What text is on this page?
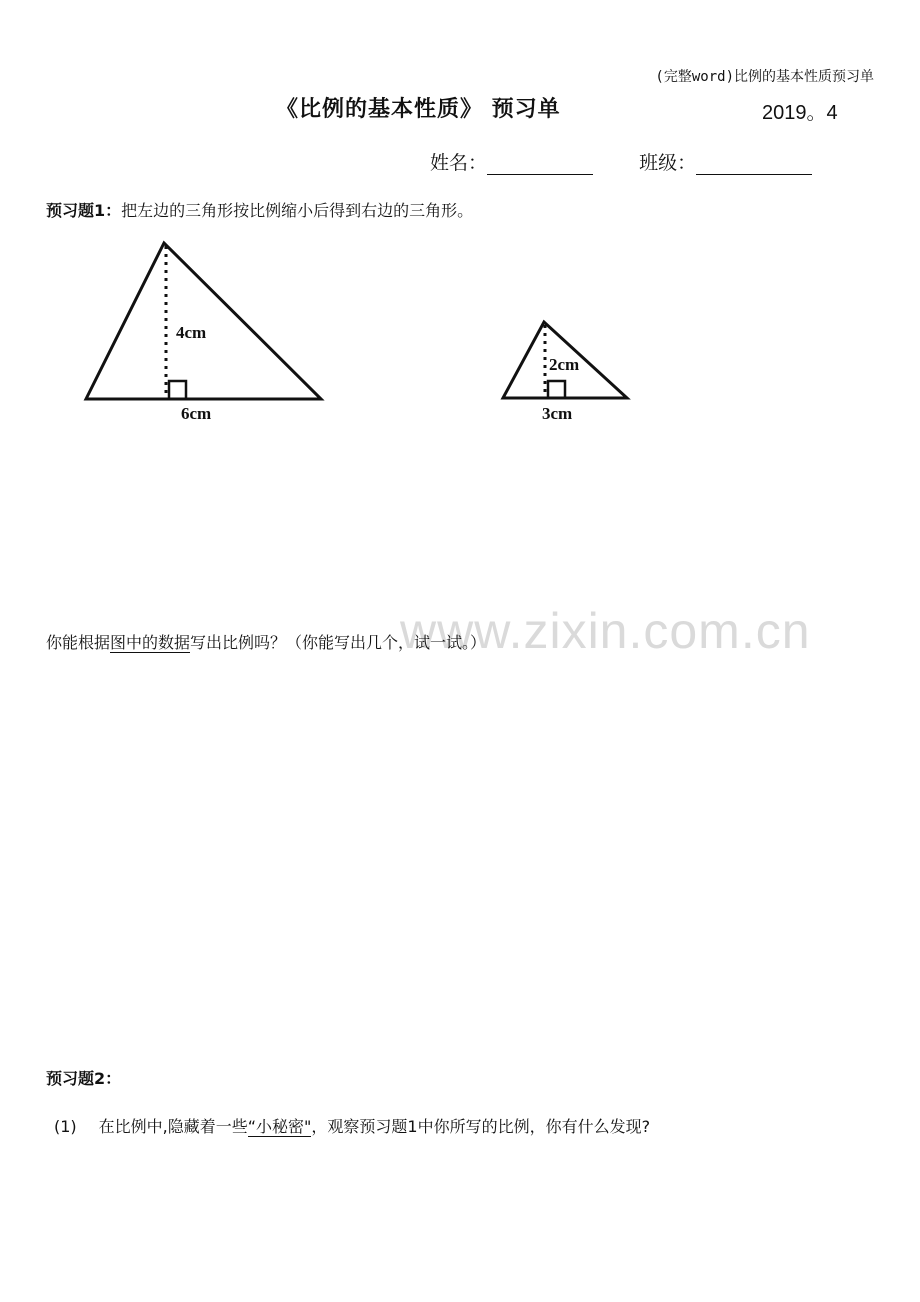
(完整word)比例的基本性质预习单
《比例的基本性质》 预习单	2019。4
姓名：	班级：
预习题1：把左边的三角形按比例缩小后得到右边的三角形。
4cm
6cm
2cm
3cm
www.zixin.com.cn
你能根据图中的数据写出比例吗？（你能写出几个，试一试。）
预习题2：
(1) 在比例中,隐藏着一些“小秘密"，观察预习题1中你所写的比例，你有什么发现?
